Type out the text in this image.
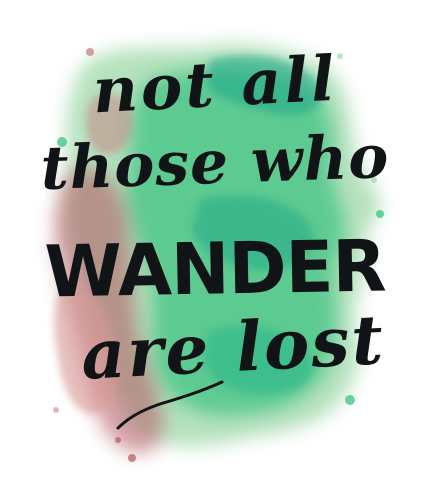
not all
those who
WANDER
are lost
